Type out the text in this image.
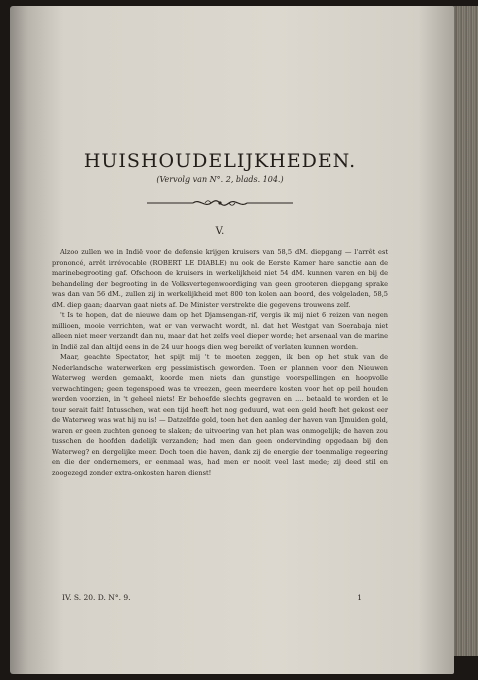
HUISHOUDELIJKHEDEN.
(Vervolg van N°. 2, blads. 104.)
V.

Alzoo zullen we in Indië voor de defensie krijgen kruisers van 58,5 dM. diepgang — l'arrêt est prononcé, arrêt irrévocable (ROBERT LE DIABLE) nu ook de Eerste Kamer hare sanctie aan de marinebegrooting gaf. Ofschoon de kruisers in werkelijkheid niet 54 dM. kunnen varen en bij de behandeling der begrooting in de Volksvertegenwoordiging van geen grooteren diepgang sprake was dan van 56 dM., zullen zij in werkelijkheid met 800 ton kolen aan boord, des volgeladen, 58,5 dM. diep gaan; daarvan gaat niets af. De Minister verstrekte die gegevens trouwens zelf.

't Is te hopen, dat de nieuwe dam op het Djamsengan-rif, vergis ik mij niet 6 reizen van negen millioen, mooie verrichten, wat er van verwacht wordt, nl. dat het Westgat van Soerabaja niet alleen niet meer verzandt dan nu, maar dat het zelfs veel dieper worde; het arsenaal van de marine in Indië zal dan altijd eens in de 24 uur hoogs dien weg bereikt of verlaten kunnen worden.

Maar, geachte Spectator, het spijt mij 't te moeten zeggen, ik ben op het stuk van de Nederlandsche waterwerken erg pessimistisch geworden. Toen er plannen voor den Nieuwen Waterweg werden gemaakt, koorde men niets dan gunstige voorspellingen en hoopvolle verwachtingen; geen tegenspoed was te vreezen, geen meerdere kosten voor het op peil houden werden voorzien, in 't geheel niets! Er behoefde slechts gegraven en .... betaald te worden et le tour serait fait! Intusschen, wat een tijd heeft het nog geduurd, wat een geld heeft het gekost eer de Waterweg was wat hij nu is! — Datzelfde gold, toen het den aanleg der haven van IJmuiden gold, waren er geen zuchten genoeg te slaken; de uitvoering van het plan was onmogelijk; de haven zou tusschen de hoofden dadelijk verzanden; had men dan geen ondervinding opgedaan bij den Waterweg? en dergelijke meer. Doch toen die haven, dank zij de energie der toenmalige regeering en die der ondernemers, er eenmaal was, had men er nooit veel last mede; zij deed stil en zoogezegd zonder extra-onkosten haren dienst!

IV. S. 20. D. N°. 9.	1
